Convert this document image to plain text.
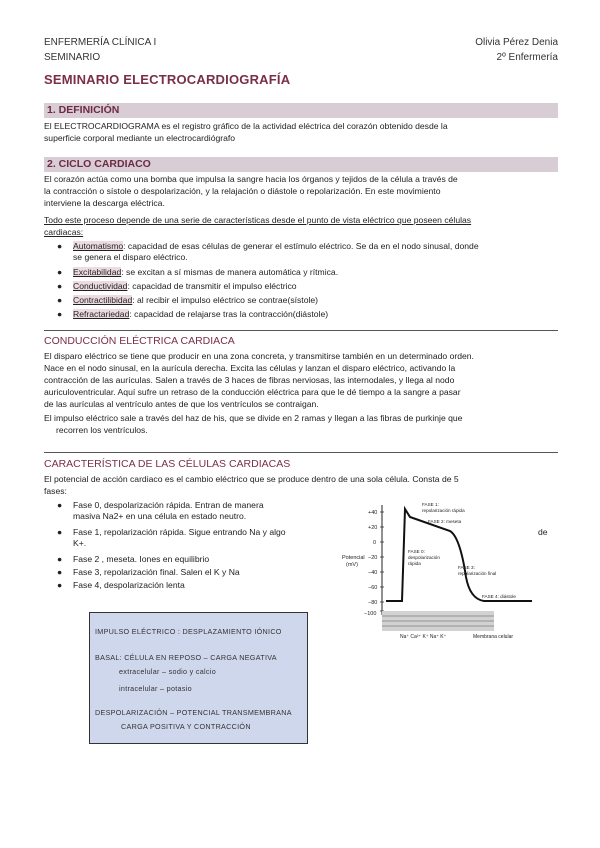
ENFERMERÍA CLÍNICA I
SEMINARIO
Olivia Pérez Denia
2º Enfermería
SEMINARIO ELECTROCARDIOGRAFÍA
1. DEFINICIÓN
El ELECTROCARDIOGRAMA es el registro gráfico de la actividad eléctrica del corazón obtenido desde la
superficie corporal mediante un electrocardiógrafo
2. CICLO CARDIACO
El corazón actúa como una bomba que impulsa la sangre hacia los órganos y tejidos de la célula a través de
la contracción o sístole o despolarización, y la relajación o diástole o repolarización. En este movimiento
interviene la descarga eléctrica.
Todo este proceso depende de una serie de características desde el punto de vista eléctrico que poseen células
cardiacas:
● Automatismo: capacidad de esas células de generar el estímulo eléctrico. Se da en el nodo sinusal, donde
se genera el disparo eléctrico.
● Excitabilidad: se excitan a sí mismas de manera automática y rítmica.
● Conductividad: capacidad de transmitir el impulso eléctrico
● Contractilibidad: al recibir el impulso eléctrico se contrae(sístole)
● Refractariedad: capacidad de relajarse tras la contracción(diástole)
CONDUCCIÓN ELÉCTRICA CARDIACA
El disparo eléctrico se tiene que producir en una zona concreta, y transmitirse también en un determinado orden.
Nace en el nodo sinusal, en la aurícula derecha. Excita las células y lanzan el disparo eléctrico, activando la
contracción de las aurículas. Salen a través de 3 haces de fibras nerviosas, las internodales, y llega al nodo
auriculoventricular. Aquí sufre un retraso de la conducción eléctrica para que le dé tiempo a la sangre a pasar
de las aurículas al ventrículo antes de que los ventrículos se contraigan.
El impulso eléctrico sale a través del haz de his, que se divide en 2 ramas y llegan a las fibras de purkinje que
recorren los ventrículos.
CARACTERÍSTICA DE LAS CÉLULAS CARDIACAS
El potencial de acción cardiaco es el cambio eléctrico que se produce dentro de una sola célula. Consta de 5
fases:
● Fase 0, despolarización rápida. Entran de manera
masiva Na2+ en una célula en estado neutro.
● Fase 1, repolarización rápida. Sigue entrando Na y algo
K+.
de
● Fase 2 , meseta. Iones en equilibrio
● Fase 3, repolarización final. Salen el K y Na
● Fase 4, despolarización lenta
Potencial
(mV)
+40
+20
0
−20
−40
−60
−80
−100
FASE 1:
repolarización rápida
FASE 2: meseta
FASE 0:
despolarización
rápida
FASE 3:
repolarización final
FASE 4: diástole
Na⁺ Ca²⁺ K⁺ Na⁺ K⁺	Membrana celular
IMPULSO ELÉCTRICO : DESPLAZAMIENTO IÓNICO
BASAL: CÉLULA EN REPOSO – CARGA NEGATIVA
extracelular – sodio y calcio
intracelular – potasio
DESPOLARIZACIÓN – POTENCIAL TRANSMEMBRANA
CARGA POSITIVA Y CONTRACCIÓN
